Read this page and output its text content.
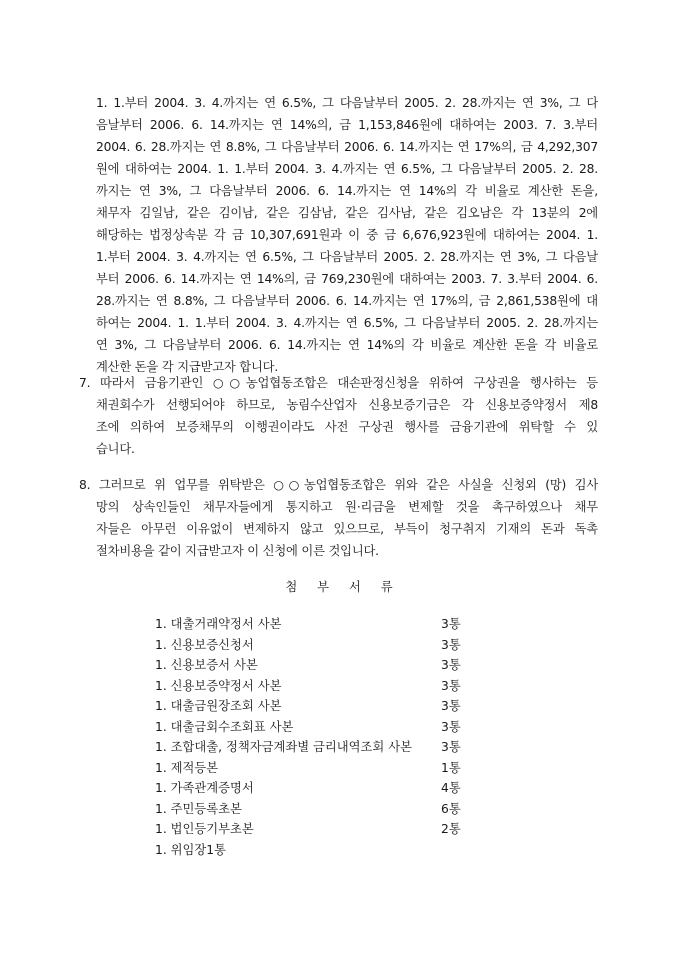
1. 1.부터 2004. 3. 4.까지는 연 6.5%, 그 다음날부터 2005. 2. 28.까지는 연 3%, 그 다
음날부터 2006. 6. 14.까지는 연 14%의, 금 1,153,846원에 대하여는 2003. 7. 3.부터
2004. 6. 28.까지는 연 8.8%, 그 다음날부터 2006. 6. 14.까지는 연 17%의, 금 4,292,307
원에 대하여는 2004. 1. 1.부터 2004. 3. 4.까지는 연 6.5%, 그 다음날부터 2005. 2. 28.
까지는 연 3%, 그 다음날부터 2006. 6. 14.까지는 연 14%의 각 비율로 계산한 돈을,
채무자 김일남, 같은 김이남, 같은 김삼남, 같은 김사남, 같은 김오남은 각 13분의 2에
해당하는 법정상속분 각 금 10,307,691원과 이 중 금 6,676,923원에 대하여는 2004. 1.
1.부터 2004. 3. 4.까지는 연 6.5%, 그 다음날부터 2005. 2. 28.까지는 연 3%, 그 다음날
부터 2006. 6. 14.까지는 연 14%의, 금 769,230원에 대하여는 2003. 7. 3.부터 2004. 6.
28.까지는 연 8.8%, 그 다음날부터 2006. 6. 14.까지는 연 17%의, 금 2,861,538원에 대
하여는 2004. 1. 1.부터 2004. 3. 4.까지는 연 6.5%, 그 다음날부터 2005. 2. 28.까지는
연 3%, 그 다음날부터 2006. 6. 14.까지는 연 14%의 각 비율로 계산한 돈을 각 비율로
계산한 돈을 각 지급받고자 합니다.
7. 따라서 금융기관인 ○○농업협동조합은 대손판정신청을 위하여 구상권을 행사하는 등
채권회수가 선행되어야 하므로, 농림수산업자 신용보증기금은 각 신용보증약정서 제8
조에 의하여 보증채무의 이행권이라도 사전 구상권 행사를 금융기관에 위탁할 수 있
습니다.
8. 그러므로 위 업무를 위탁받은 ○○농업협동조합은 위와 같은 사실을 신청외 (망) 김사
망의 상속인들인 채무자들에게 통지하고 원·리금을 변제할 것을 촉구하였으나 채무
자들은 아무런 이유없이 변제하지 않고 있으므로, 부득이 청구취지 기재의 돈과 독촉
절차비용을 같이 지급받고자 이 신청에 이른 것입니다.
첨 부 서 류
1. 대출거래약정서 사본	3통
1. 신용보증신청서	3통
1. 신용보증서 사본	3통
1. 신용보증약정서 사본	3통
1. 대출금원장조회 사본	3통
1. 대출금회수조회표 사본	3통
1. 조합대출, 정책자금계좌별 금리내역조회 사본 3통
1. 제적등본	1통
1. 가족관계증명서	4통
1. 주민등록초본	6통
1. 법인등기부초본	2통
1. 위임장1통
